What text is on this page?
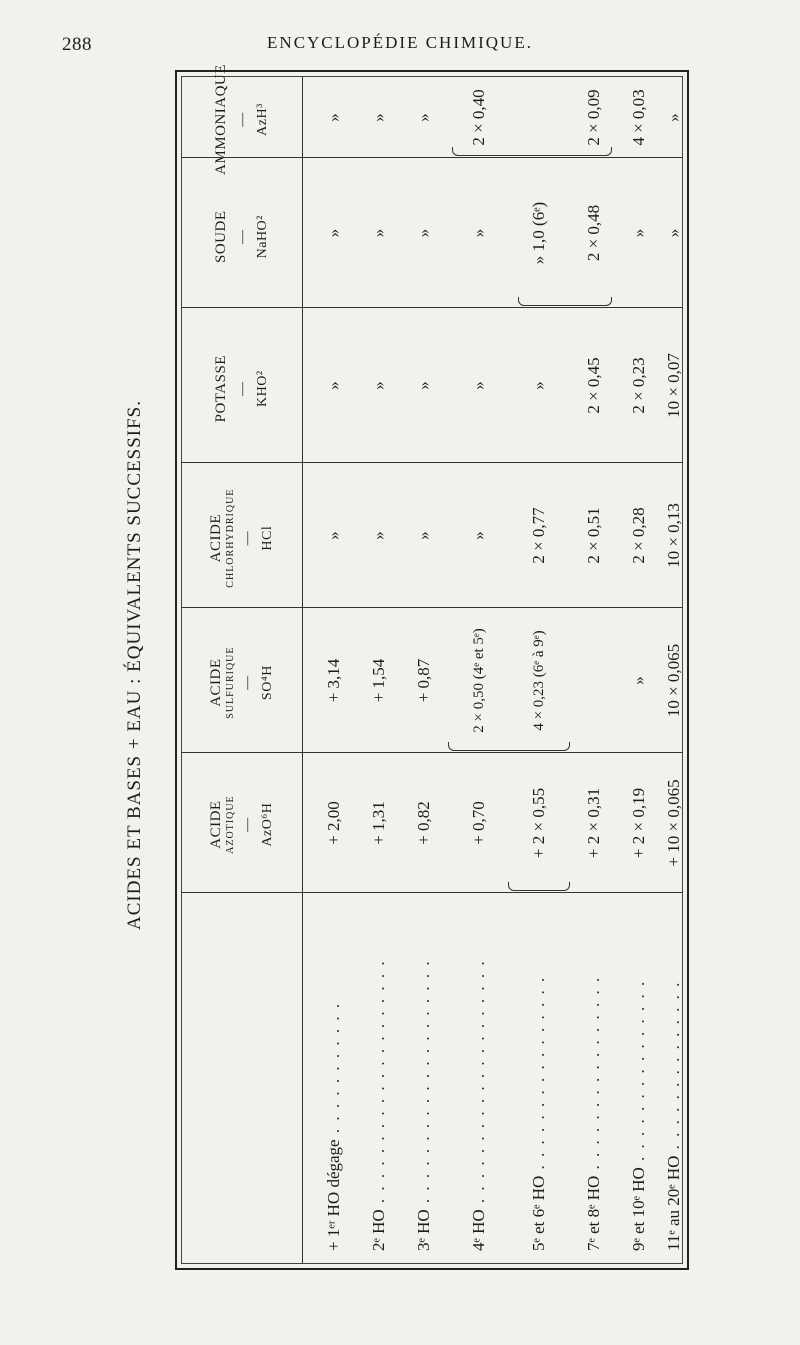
288	ENCYCLOPÉDIE CHIMIQUE.
ACIDES ET BASES + EAU : ÉQUIVALENTS SUCCESSIFS.	ACIDE AZOTIQUE — AzO⁶H
ACIDE SULFURIQUE — SO⁴H
ACIDE CHLORHYDRIQUE — HCl
POTASSE — KHO²
SOUDE — NaHO²
AMMONIAQUE — AzH³
+ 1ᵉʳ HO dégage . . . . . . . . . . .
+ 2,00
+ 3,14
»
»
»
»
2ᵉ HO . . . . . . . . . . . . . . . . . . . .
+ 1,31
+ 1,54
»
»
»
»
3ᵉ HO . . . . . . . . . . . . . . . . . . . .
+ 0,82
+ 0,87
»
»
»
»
4ᵉ HO . . . . . . . . . . . . . . . . . . . .
+ 0,70
2 × 0,50 (4ᵉ et 5ᵉ)
»
»
»
2 × 0,40
5ᵉ et 6ᵉ HO . . . . . . . . . . . . . . . .
+ 2 × 0,55
4 × 0,23 (6ᵉ à 9ᵉ)
2 × 0,77
»
» 1,0 (6ᵉ)
7ᵉ et 8ᵉ HO . . . . . . . . . . . . . . . .
+ 2 × 0,31
2 × 0,51
2 × 0,45
2 × 0,48
2 × 0,09
9ᵉ et 10ᵉ HO . . . . . . . . . . . . . . .
+ 2 × 0,19
»
2 × 0,28
2 × 0,23
»
4 × 0,03
11ᵉ au 20ᵉ HO . . . . . . . . . . . . . .
+ 10 × 0,065
10 × 0,065
10 × 0,13
10 × 0,07
»
»
